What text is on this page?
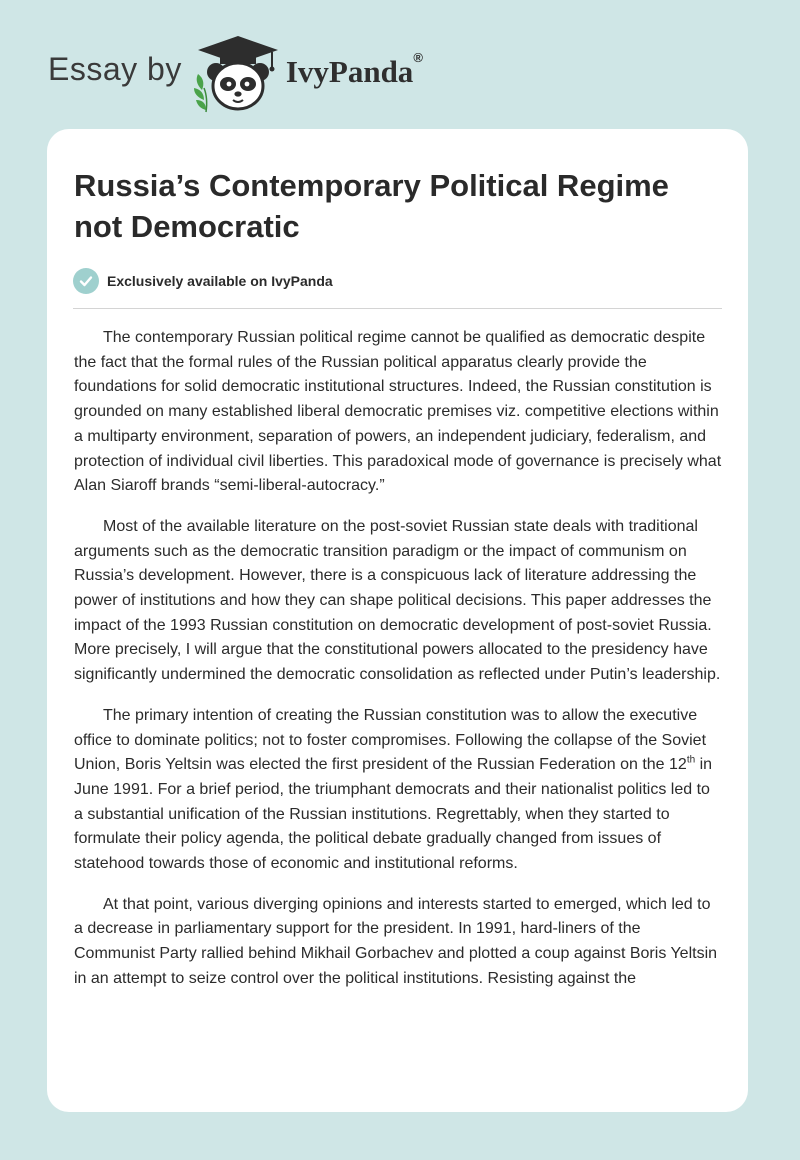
Essay by	IvyPanda®
Russia’s Contemporary Political Regime not Democratic
Exclusively available on IvyPanda

The contemporary Russian political regime cannot be qualified as democratic despite the fact that the formal rules of the Russian political apparatus clearly provide the foundations for solid democratic institutional structures. Indeed, the Russian constitution is grounded on many established liberal democratic premises viz. competitive elections within a multiparty environment, separation of powers, an independent judiciary, federalism, and protection of individual civil liberties. This paradoxical mode of governance is precisely what Alan Siaroff brands “semi-liberal-autocracy.”

Most of the available literature on the post-soviet Russian state deals with traditional arguments such as the democratic transition paradigm or the impact of communism on Russia’s development. However, there is a conspicuous lack of literature addressing the power of institutions and how they can shape political decisions. This paper addresses the impact of the 1993 Russian constitution on democratic development of post-soviet Russia. More precisely, I will argue that the constitutional powers allocated to the presidency have significantly undermined the democratic consolidation as reflected under Putin’s leadership.

The primary intention of creating the Russian constitution was to allow the executive office to dominate politics; not to foster compromises. Following the collapse of the Soviet Union, Boris Yeltsin was elected the first president of the Russian Federation on the 12th in June 1991. For a brief period, the triumphant democrats and their nationalist politics led to a substantial unification of the Russian institutions. Regrettably, when they started to formulate their policy agenda, the political debate gradually changed from issues of statehood towards those of economic and institutional reforms.

At that point, various diverging opinions and interests started to emerged, which led to a decrease in parliamentary support for the president. In 1991, hard-liners of the Communist Party rallied behind Mikhail Gorbachev and plotted a coup against Boris Yeltsin in an attempt to seize control over the political institutions. Resisting against the
